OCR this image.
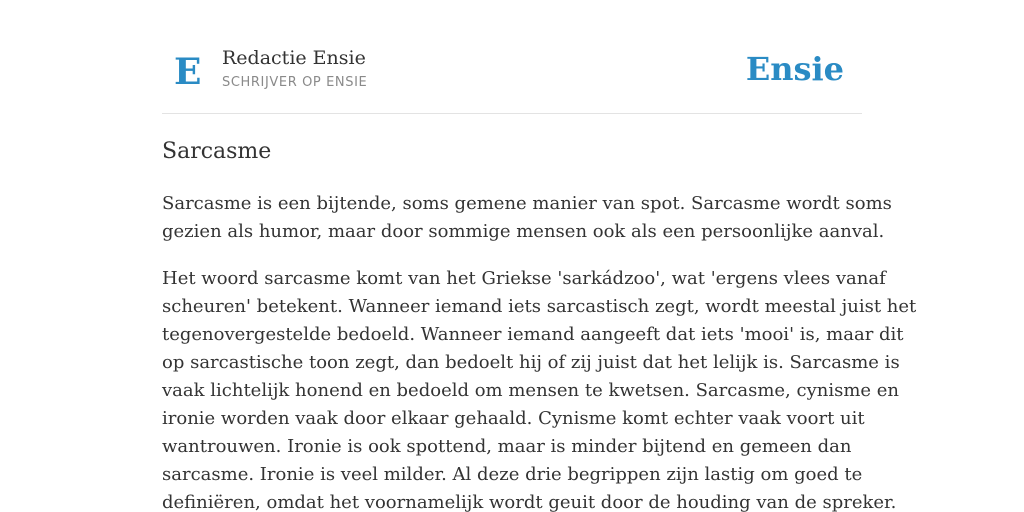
E Redactie Ensie
SCHRIJVER OP ENSIE	Ensie
Sarcasme

Sarcasme is een bijtende, soms gemene manier van spot. Sarcasme wordt soms
gezien als humor, maar door sommige mensen ook als een persoonlijke aanval.

Het woord sarcasme komt van het Griekse 'sarkádzoo', wat 'ergens vlees vanaf
scheuren' betekent. Wanneer iemand iets sarcastisch zegt, wordt meestal juist het
tegenovergestelde bedoeld. Wanneer iemand aangeeft dat iets 'mooi' is, maar dit
op sarcastische toon zegt, dan bedoelt hij of zij juist dat het lelijk is. Sarcasme is
vaak lichtelijk honend en bedoeld om mensen te kwetsen. Sarcasme, cynisme en
ironie worden vaak door elkaar gehaald. Cynisme komt echter vaak voort uit
wantrouwen. Ironie is ook spottend, maar is minder bijtend en gemeen dan
sarcasme. Ironie is veel milder. Al deze drie begrippen zijn lastig om goed te
definiëren, omdat het voornamelijk wordt geuit door de houding van de spreker.
